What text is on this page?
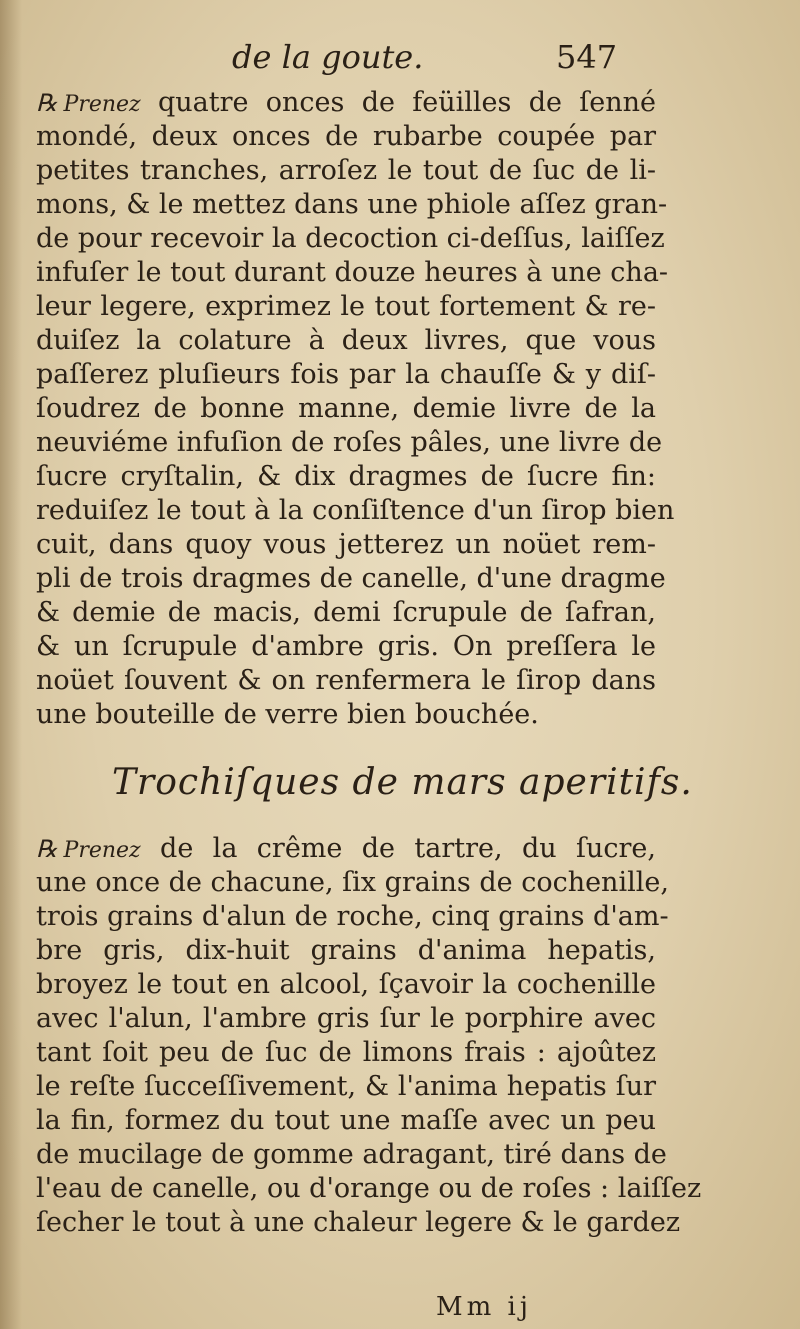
de la goute.	547
℞ Prenez quatre onces de feüilles de ſenné
mondé, deux onces de rubarbe coupée par
petites tranches, arroſez le tout de ſuc de li-
mons, & le mettez dans une phiole aſſez gran-
de pour recevoir la decoction ci-deſſus, laiſſez
infuſer le tout durant douze heures à une cha-
leur legere, exprimez le tout fortement & re-
duiſez la colature à deux livres, que vous
paſſerez pluſieurs fois par la chauſſe & y diſ-
ſoudrez de bonne manne, demie livre de la
neuviéme infuſion de roſes pâles, une livre de
ſucre cryſtalin, & dix dragmes de ſucre fin:
reduiſez le tout à la conſiſtence d'un ſirop bien
cuit, dans quoy vous jetterez un noüet rem-
pli de trois dragmes de canelle, d'une dragme
& demie de macis, demi ſcrupule de ſafran,
& un ſcrupule d'ambre gris. On preſſera le
noüet ſouvent & on renfermera le ſirop dans
une bouteille de verre bien bouchée.
Trochiſques de mars aperitifs.
℞ Prenez de la crême de tartre, du ſucre,
une once de chacune, ſix grains de cochenille,
trois grains d'alun de roche, cinq grains d'am-
bre gris, dix-huit grains d'anima hepatis,
broyez le tout en alcool, ſçavoir la cochenille
avec l'alun, l'ambre gris ſur le porphire avec
tant ſoit peu de ſuc de limons frais : ajoûtez
le reſte ſucceſſivement, & l'anima hepatis ſur
la fin, formez du tout une maſſe avec un peu
de mucilage de gomme adragant, tiré dans de
l'eau de canelle, ou d'orange ou de roſes : laiſſez
ſecher le tout à une chaleur legere & le gardez
Mm ij
